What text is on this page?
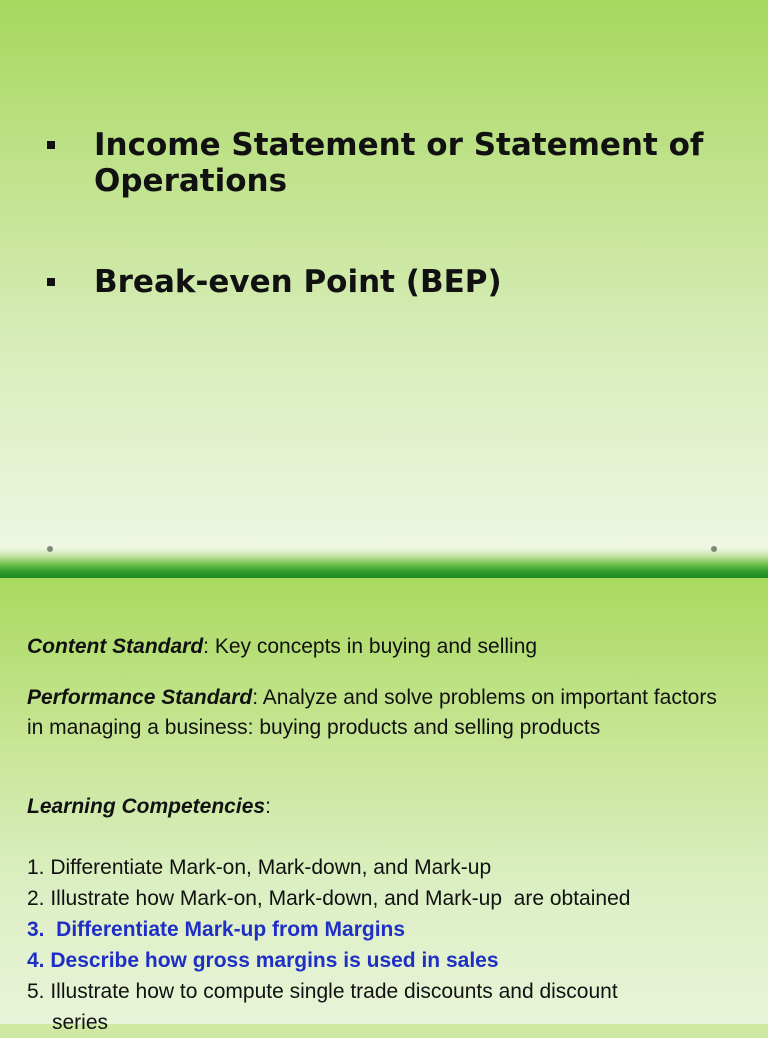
Income Statement or Statement of Operations
Break-even Point (BEP)
Content Standard: Key concepts in buying and selling
Performance Standard: Analyze and solve problems on important factors in managing a business: buying products and selling products
Learning Competencies:
1. Differentiate Mark-on, Mark-down, and Mark-up
2. Illustrate how Mark-on, Mark-down, and Mark-up  are obtained
3.  Differentiate Mark-up from Margins
4. Describe how gross margins is used in sales
5. Illustrate how to compute single trade discounts and discount
series
